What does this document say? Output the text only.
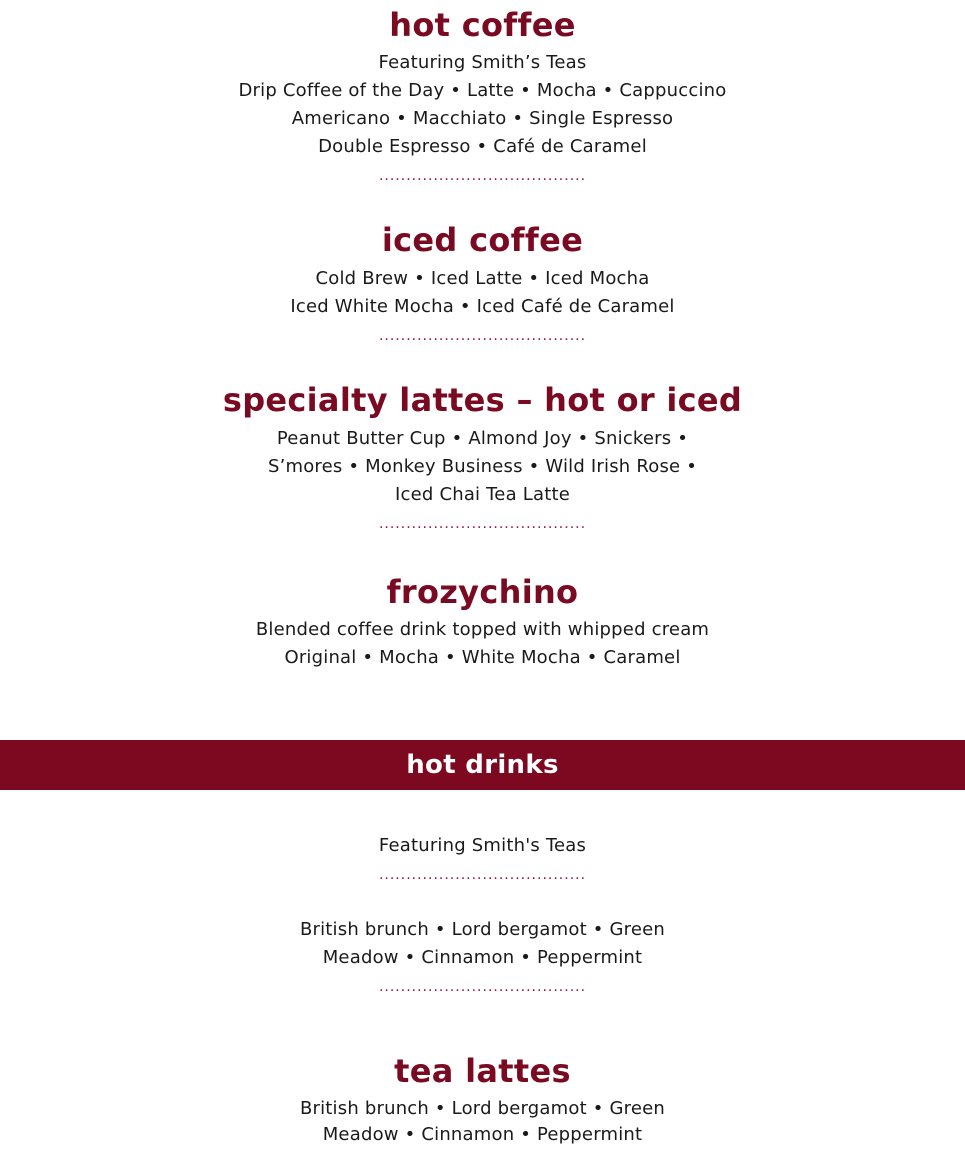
hot coffee
Featuring Smith’s Teas
Drip Coffee of the Day • Latte • Mocha • Cappuccino
Americano • Macchiato • Single Espresso
Double Espresso • Café de Caramel
......................................
iced coffee
Cold Brew • Iced Latte • Iced Mocha
Iced White Mocha • Iced Café de Caramel
......................................
specialty lattes – hot or iced
Peanut Butter Cup • Almond Joy • Snickers •
S’mores • Monkey Business • Wild Irish Rose •
Iced Chai Tea Latte
......................................
frozychino
Blended coffee drink topped with whipped cream
Original • Mocha • White Mocha • Caramel
hot drinks
Featuring Smith's Teas
......................................
British brunch • Lord bergamot • Green
Meadow • Cinnamon • Peppermint
......................................
tea lattes
British brunch • Lord bergamot • Green
Meadow • Cinnamon • Peppermint
